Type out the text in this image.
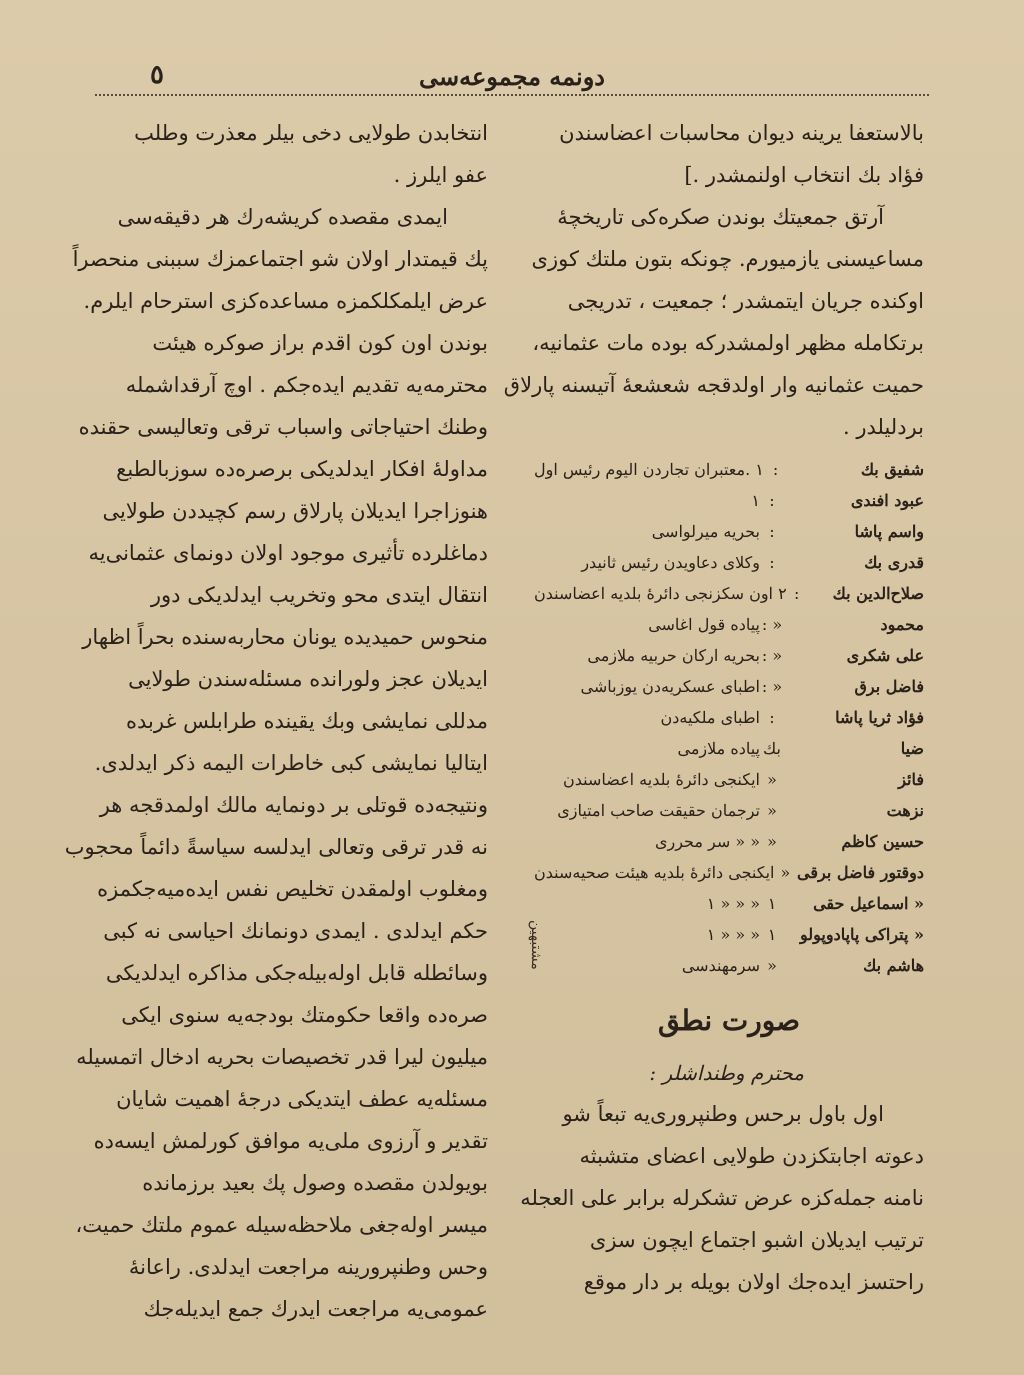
دونمه مجموعه‌سی
٥
بالاستعفا یرینه دیوان محاسبات اعضاسندن
فؤاد بك انتخاب اولنمشدر .]
آرتق جمعیتك بوندن صکره‌کی تاریخچهٔ
مساعیسنی یازمیورم. چونکه بتون ملتك کوزی
اوکنده جریان ایتمشدر ؛ جمعیت ، تدریجی
برتکامله مظهر اولمشدرکه بوده مات عثمانیه،
حمیت عثمانیه وار اولدقجه شعشعهٔ آتیسنه پارلاق
بردلیلدر .
شفیق بك
:
۱ .معتبران تجاردن الیوم رئیس اول
عبود افندی
:
۱
واسم پاشا
:
بحریه میرلواسی
قدری بك
:
وکلای دعاویدن رئیس ثانیدر
صلاح‌الدین بك
:
۲ اون سکزنجی دائرهٔ بلدیه اعضاسندن
محمود
« :
پیاده قول اغاسی
علی شکری
« :
بحریه ارکان حربیه ملازمی
فاضل برق
« :
اطبای عسکریه‌دن یوزباشی
فؤاد ثریا پاشا
:
اطبای ملکیه‌دن
ضیا
بك
پیاده ملازمی
فائز
«
ایکنجی دائرهٔ بلدیه اعضاسندن
نزهت
«
ترجمان حقیقت صاحب امتیازی
حسین کاظم
«
« « سر محرری
دوقتور فاضل برقی
«
ایکنجی دائرهٔ بلدیه هیئت صحیه‌سندن
« اسماعیل حقی
۱
« « « ۱
« پتراکی پاپادوپولو
۱
« « « ۱
هاشم بك
«
سرمهندسی
صورت نطق
محترم وطنداشلر :
اول باول برحس وطنپروری‌یه تبعاً شو
دعوته اجابتکزدن طولایی اعضای متشبثه
نامنه جمله‌کزه عرض تشکرله برابر علی العجله
ترتیب ایدیلان اشبو اجتماع ایچون سزی
راحتسز ایده‌جك اولان بویله بر دار موقع
مشتبهین
انتخابدن طولایی دخی بیلر معذرت وطلب
عفو ایلرز .
ایمدی مقصده کریشه‌رك هر دقیقه‌سی
پك قیمتدار اولان شو اجتماعمزك سببنی منحصراً
عرض ایلمکلکمزه مساعده‌کزی استرحام ایلرم.
بوندن اون کون اقدم براز صوکره هیئت
محترمه‌یه تقدیم ایده‌جکم . اوچ آرقداشمله
وطنك احتیاجاتی واسباب ترقی وتعالیسی حقنده
مداولهٔ افکار ایدلدیکی برصره‌ده سوزبالطبع
هنوزاجرا ایدیلان پارلاق رسم کچیددن طولایی
دماغلرده تأثیری موجود اولان دونمای عثمانی‌یه
انتقال ایتدی محو وتخریب ایدلدیکی دور
منحوس حمیدیده یونان محاربه‌سنده بحراً اظهار
ایدیلان عجز ولورانده مسئله‌سندن طولایی
مدللی نمایشی وبك یقینده طرابلس غربده
ایتالیا نمایشی کبی خاطرات الیمه ذکر ایدلدی.
ونتیجه‌ده قوتلی بر دونمایه مالك اولمدقجه هر
نه قدر ترقی وتعالی ایدلسه سیاسةً دائماً محجوب
ومغلوب اولمقدن تخلیص نفس ایده‌میه‌جکمزه
حکم ایدلدی . ایمدی دونمانك احیاسی نه کبی
وسائطله قابل اوله‌بیله‌جکی مذاکره ایدلدیکی
صره‌ده واقعا حکومتك بودجه‌یه سنوی ایکی
میلیون لیرا قدر تخصیصات بحریه ادخال اتمسیله
مسئله‌یه عطف ایتدیکی درجهٔ اهمیت شایان
تقدیر و آرزوی ملی‌یه موافق کورلمش ایسه‌ده
بویولدن مقصده وصول پك بعید برزمانده
میسر اوله‌جغی ملاحظه‌سیله عموم ملتك حمیت،
وحس وطنپرورینه مراجعت ایدلدی. راعانهٔ
عمومی‌یه مراجعت ایدرك جمع ایدیله‌جك
